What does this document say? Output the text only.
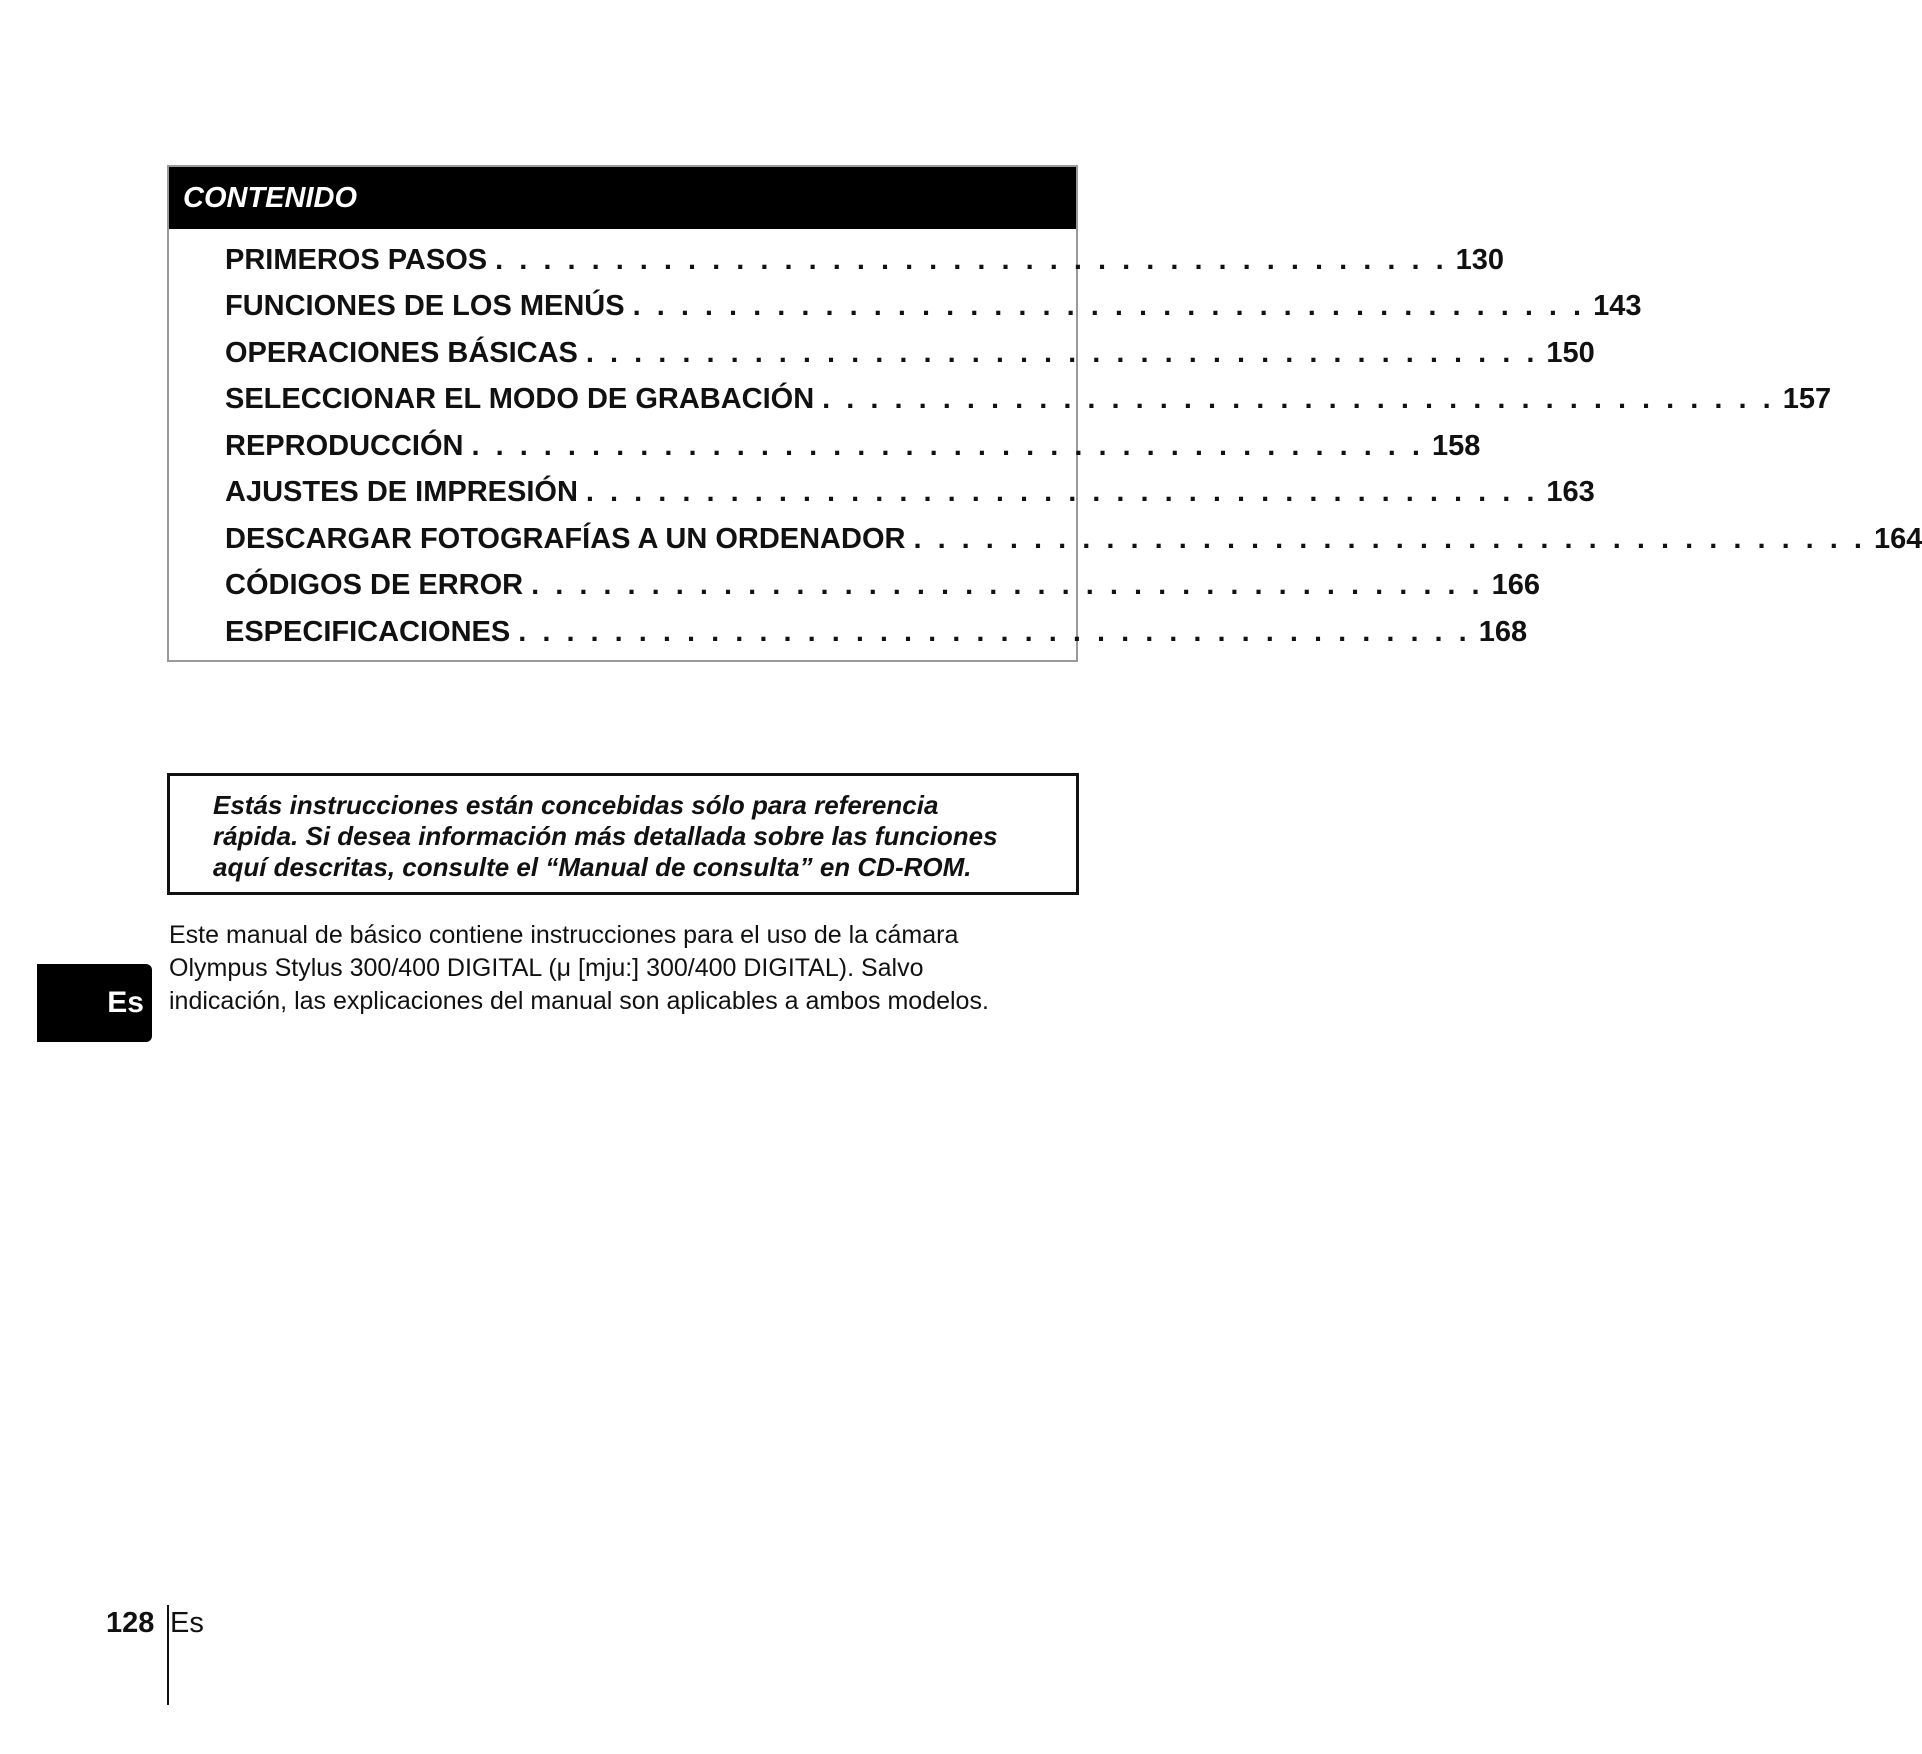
CONTENIDO
PRIMEROS PASOS . . . . . . . . . . . . . . . . . . . . . . . . . . . . . . . . . . . . . . . . 130
FUNCIONES DE LOS MENÚS . . . . . . . . . . . . . . . . . . . . . . . . . . . . . . . . . . . . . . . . 143
OPERACIONES BÁSICAS . . . . . . . . . . . . . . . . . . . . . . . . . . . . . . . . . . . . . . . . 150
SELECCIONAR EL MODO DE GRABACIÓN . . . . . . . . . . . . . . . . . . . . . . . . . . . . . . . . . . . . . . . . 157
REPRODUCCIÓN . . . . . . . . . . . . . . . . . . . . . . . . . . . . . . . . . . . . . . . . 158
AJUSTES DE IMPRESIÓN . . . . . . . . . . . . . . . . . . . . . . . . . . . . . . . . . . . . . . . . 163
DESCARGAR FOTOGRAFÍAS A UN ORDENADOR . . . . . . . . . . . . . . . . . . . . . . . . . . . . . . . . . . . . . . . . 164
CÓDIGOS DE ERROR . . . . . . . . . . . . . . . . . . . . . . . . . . . . . . . . . . . . . . . . 166
ESPECIFICACIONES . . . . . . . . . . . . . . . . . . . . . . . . . . . . . . . . . . . . . . . . 168
Estás instrucciones están concebidas sólo para referencia
rápida. Si desea información más detallada sobre las funciones
aquí descritas, consulte el “Manual de consulta” en CD-ROM.
Este manual de básico contiene instrucciones para el uso de la cámara
Olympus Stylus 300/400 DIGITAL (μ [mju:] 300/400 DIGITAL). Salvo
indicación, las explicaciones del manual son aplicables a ambos modelos.
Es
128 Es
